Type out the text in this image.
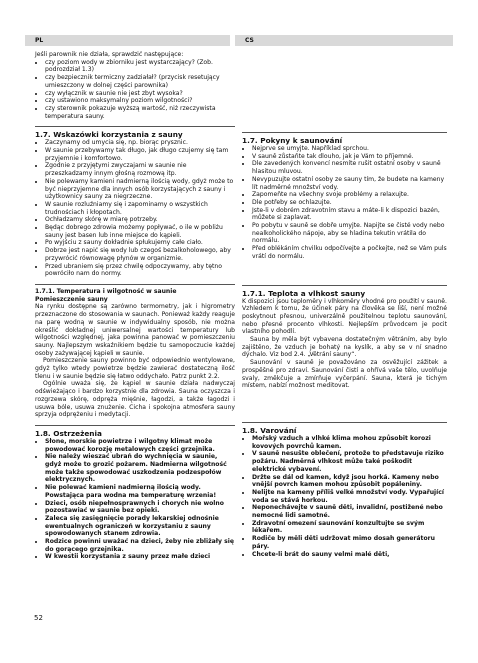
PL	CS

Jeśli parownik nie działa, sprawdzić następujące:

• czy poziom wody w zbiorniku jest wystarczający? (Zob. podrozdział 1.3)
• czy bezpiecznik termiczny zadziałał? (przycisk resetujący umieszczony w dolnej części parownika)
• czy wyłącznik w saunie nie jest zbyt wysoka?
• czy ustawiono maksymalny poziom wilgotności?
• czy sterownik pokazuje wyższą wartość, niż rzeczywista temperatura sauny.
1.7. Wskazówki korzystania z sauny
• Zaczynamy od umycia się, np. biorąc prysznic.
• W saunie przebywamy tak długo, jak długo czujemy się tam przyjemnie i komfortowo.
• Zgodnie z przyjętymi zwyczajami w saunie nie przeszkadzamy innym głośną rozmową itp.
• Nie polewamy kamieni nadmierną ilością wody, gdyż może to być nieprzyjemne dla innych osób korzystających z sauny i użytkownicy sauny za niegrzeczne.
• W saunie rozluźniamy się i zapominamy o wszystkich trudnościach i kłopotach.
• Ochładzamy skórę w miarę potrzeby.
• Będąc dobrego zdrowia możemy popływać, o ile w pobliżu sauny jest basen lub inne miejsce do kąpieli.
• Po wyjściu z sauny dokładnie spłukujemy całe ciało.
• Dobrze jest napić się wody lub czegoś bezalkoholowego, aby przywrócić równowagę płynów w organizmie.
• Przed ubraniem się przez chwilę odpoczywamy, aby tętno powróciło nam do normy.
1.7.1. Temperatura i wilgotność w saunie
Pomieszczenie sauny

Na rynku dostępne są zarówno termometry, jak i higrometry przeznaczone do stosowania w saunach. Ponieważ każdy reaguje na parę wodną w saunie w indywidualny sposób, nie można określić dokładnej uniwersalnej wartości temperatury lub wilgotności względnej, jaka powinna panować w pomieszczeniu sauny. Najlepszym wskaźnikiem będzie tu samopoczucie każdej osoby zażywającej kąpieli w saunie.

Pomieszczenie sauny powinno być odpowiednio wentylowane, gdyż tylko wtedy powietrze będzie zawierać dostateczną ilość tlenu i w saunie będzie się łatwo oddychało. Patrz punkt 2.2.

Ogólnie uważa się, że kąpiel w saunie działa nadwyczaj odświeżająco i bardzo korzystnie dla zdrowia. Sauna oczyszcza i rozgrzewa skórę, odpręża mięśnie, łagodzi, a także łagodzi i usuwa bóle, usuwa znużenie. Cicha i spokojna atmosfera sauny sprzyja odprężeniu i medytacji.

1.8. Ostrzeżenia
• Słone, morskie powietrze i wilgotny klimat może powodować korozję metalowych części grzejnika.
• Nie należy wieszać ubrań do wychnięcia w saunie, gdyż może to grozić pożarem. Nadmierna wilgotność może także spowodować uszkodzenia podzespołów elektrycznych.
• Nie polewać kamieni nadmierną ilością wody. Powstająca para wodna ma temperaturę wrzenia!
• Dzieci, osób niepełnosprawnych i chorych nie wolno pozostawiać w saunie bez opieki.
• Zaleca się zasięgnięcie porady lekarskiej odnośnie ewentualnych ograniczeń w korzystaniu z sauny spowodowanych stanem zdrowia.
• Rodzice powinni uważać na dzieci, żeby nie zbliżały się do gorącego grzejnika.
• W kwestii korzystania z sauny przez małe dzieci
1.7. Pokyny k saunování
• Nejprve se umyjte. Například sprchou.
• V sauně zůstaňte tak dlouho, jak je Vám to příjemné.
• Dle zavedených konvencí nesmíte rušit ostatní osoby v sauně hlasitou mluvou.
• Nevypuzujte ostatní osoby ze sauny tím, že budete na kameny lít nadměrné množství vody.
• Zapomeňte na všechny svoje problémy a relaxujte.
• Dle potřeby se ochlazujte.
• Jste-li v dobrém zdravotním stavu a máte-li k dispozici bazén, můžete si zaplavat.
• Po pobytu v sauně se dobře umyjte. Napijte se čisté vody nebo nealkoholického nápoje, aby se hladina tekutin vrátila do normálu.
• Před oblékáním chvilku odpočívejte a počkejte, než se Vám puls vrátí do normálu.
1.7.1. Teplota a vlhkost sauny

K dispozici jsou teploměry i vlhkoměry vhodné pro použití v sauně. Vzhledem k tomu, že účinek páry na člověka se liší, není možné poskytnout přesnou, univerzálně použitelnou teplotu saunování, nebo přesné procento vlhkosti. Nejlepším průvodcem je pocit vlastního pohodlí.

Sauna by měla být vybavena dostatečným větráním, aby bylo zajištěno, že vzduch je bohatý na kyslík, a aby se v ní snadno dýchalo. Viz bod 2.4. „Větrání sauny“.

Saunování v sauně je považováno za osvěžující zážitek a prospěšné pro zdraví. Saunování čistí a ohřívá vaše tělo, uvolňuje svaly, změkčuje a zmírňuje vyčerpání. Sauna, která je tichým místem, nabízí možnost meditovat.

1.8. Varování
• Mořský vzduch a vlhké klima mohou způsobit korozi kovových povrchů kamen.
• V sauně nesušte oblečení, protože to představuje riziko požáru. Nadměrná vlhkost může také poškodit elektrické vybavení.
• Držte se dál od kamen, když jsou horká. Kameny nebo vnější povrch kamen mohou způsobit popáleniny.
• Nelijte na kameny příliš velké množství vody. Vypařující voda se stává horkou.
• Neponechávejte v sauně děti, invalidní, postižené nebo nemocné lidi samotné.
• Zdravotní omezení saunování konzultujte se svým lékařem.
• Rodiče by měli děti udržovat mimo dosah generátoru páry.
• Chcete-li brát do sauny velmi malé děti,
52
